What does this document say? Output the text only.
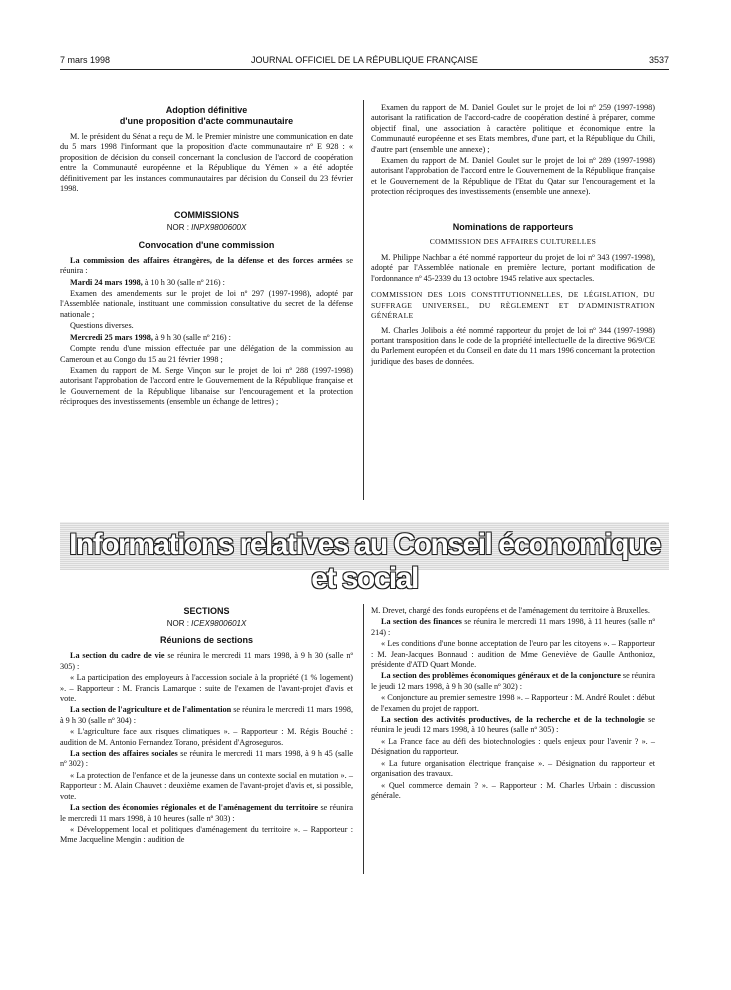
7 mars 1998	JOURNAL OFFICIEL DE LA RÉPUBLIQUE FRANÇAISE	3537
Adoption définitive
d'une proposition d'acte communautaire

M. le président du Sénat a reçu de M. le Premier ministre une communication en date du 5 mars 1998 l'informant que la proposition d'acte communautaire nº E 928 : « proposition de décision du conseil concernant la conclusion de l'accord de coopération entre la Communauté européenne et la République du Yémen » a été adoptée définitivement par les instances communautaires par décision du Conseil du 23 février 1998.

COMMISSIONS
NOR : INPX9800600X
Convocation d'une commission

La commission des affaires étrangères, de la défense et des forces armées se réunira :

Mardi 24 mars 1998, à 10 h 30 (salle nº 216) :

Examen des amendements sur le projet de loi nº 297 (1997-1998), adopté par l'Assemblée nationale, instituant une commission consultative du secret de la défense nationale ;

Questions diverses.

Mercredi 25 mars 1998, à 9 h 30 (salle nº 216) :

Compte rendu d'une mission effectuée par une délégation de la commission au Cameroun et au Congo du 15 au 21 février 1998 ;

Examen du rapport de M. Serge Vinçon sur le projet de loi nº 288 (1997-1998) autorisant l'approbation de l'accord entre le Gouvernement de la République française et le Gouvernement de la République libanaise sur l'encouragement et la protection réciproques des investissements (ensemble un échange de lettres) ;

Examen du rapport de M. Daniel Goulet sur le projet de loi nº 259 (1997-1998) autorisant la ratification de l'accord-cadre de coopération destiné à préparer, comme objectif final, une association à caractère politique et économique entre la Communauté européenne et ses Etats membres, d'une part, et la République du Chili, d'autre part (ensemble une annexe) ;

Examen du rapport de M. Daniel Goulet sur le projet de loi nº 289 (1997-1998) autorisant l'approbation de l'accord entre le Gouvernement de la République française et le Gouvernement de la République de l'Etat du Qatar sur l'encouragement et la protection réciproques des investissements (ensemble une annexe).

Nominations de rapporteurs
COMMISSION DES AFFAIRES CULTURELLES

M. Philippe Nachbar a été nommé rapporteur du projet de loi nº 343 (1997-1998), adopté par l'Assemblée nationale en première lecture, portant modification de l'ordonnance nº 45-2339 du 13 octobre 1945 relative aux spectacles.

COMMISSION DES LOIS CONSTITUTIONNELLES, DE LÉGISLATION, DU SUFFRAGE UNIVERSEL, DU RÈGLEMENT ET D'ADMINISTRATION GÉNÉRALE

M. Charles Jolibois a été nommé rapporteur du projet de loi nº 344 (1997-1998) portant transposition dans le code de la propriété intellectuelle de la directive 96/9/CE du Parlement européen et du Conseil en date du 11 mars 1996 concernant la protection juridique des bases de données.

Informations relatives au Conseil économique et social
SECTIONS
NOR : ICEX9800601X
Réunions de sections

La section du cadre de vie se réunira le mercredi 11 mars 1998, à 9 h 30 (salle nº 305) :

« La participation des employeurs à l'accession sociale à la propriété (1 % logement) ». – Rapporteur : M. Francis Lamarque : suite de l'examen de l'avant-projet d'avis et vote.

La section de l'agriculture et de l'alimentation se réunira le mercredi 11 mars 1998, à 9 h 30 (salle nº 304) :

« L'agriculture face aux risques climatiques ». – Rapporteur : M. Régis Bouché : audition de M. Antonio Fernandez Torano, président d'Agroseguros.

La section des affaires sociales se réunira le mercredi 11 mars 1998, à 9 h 45 (salle nº 302) :

« La protection de l'enfance et de la jeunesse dans un contexte social en mutation ». – Rapporteur : M. Alain Chauvet : deuxième examen de l'avant-projet d'avis et, si possible, vote.

La section des économies régionales et de l'aménagement du territoire se réunira le mercredi 11 mars 1998, à 10 heures (salle nº 303) :

« Développement local et politiques d'aménagement du territoire ». – Rapporteur : Mme Jacqueline Mengin : audition de

M. Drevet, chargé des fonds européens et de l'aménagement du territoire à Bruxelles.

La section des finances se réunira le mercredi 11 mars 1998, à 11 heures (salle nº 214) :

« Les conditions d'une bonne acceptation de l'euro par les citoyens ». – Rapporteur : M. Jean-Jacques Bonnaud : audition de Mme Geneviève de Gaulle Anthonioz, présidente d'ATD Quart Monde.

La section des problèmes économiques généraux et de la conjoncture se réunira le jeudi 12 mars 1998, à 9 h 30 (salle nº 302) :

« Conjoncture au premier semestre 1998 ». – Rapporteur : M. André Roulet : début de l'examen du projet de rapport.

La section des activités productives, de la recherche et de la technologie se réunira le jeudi 12 mars 1998, à 10 heures (salle nº 305) :

« La France face au défi des biotechnologies : quels enjeux pour l'avenir ? ». – Désignation du rapporteur.

« La future organisation électrique française ». – Désignation du rapporteur et organisation des travaux.

« Quel commerce demain ? ». – Rapporteur : M. Charles Urbain : discussion générale.
